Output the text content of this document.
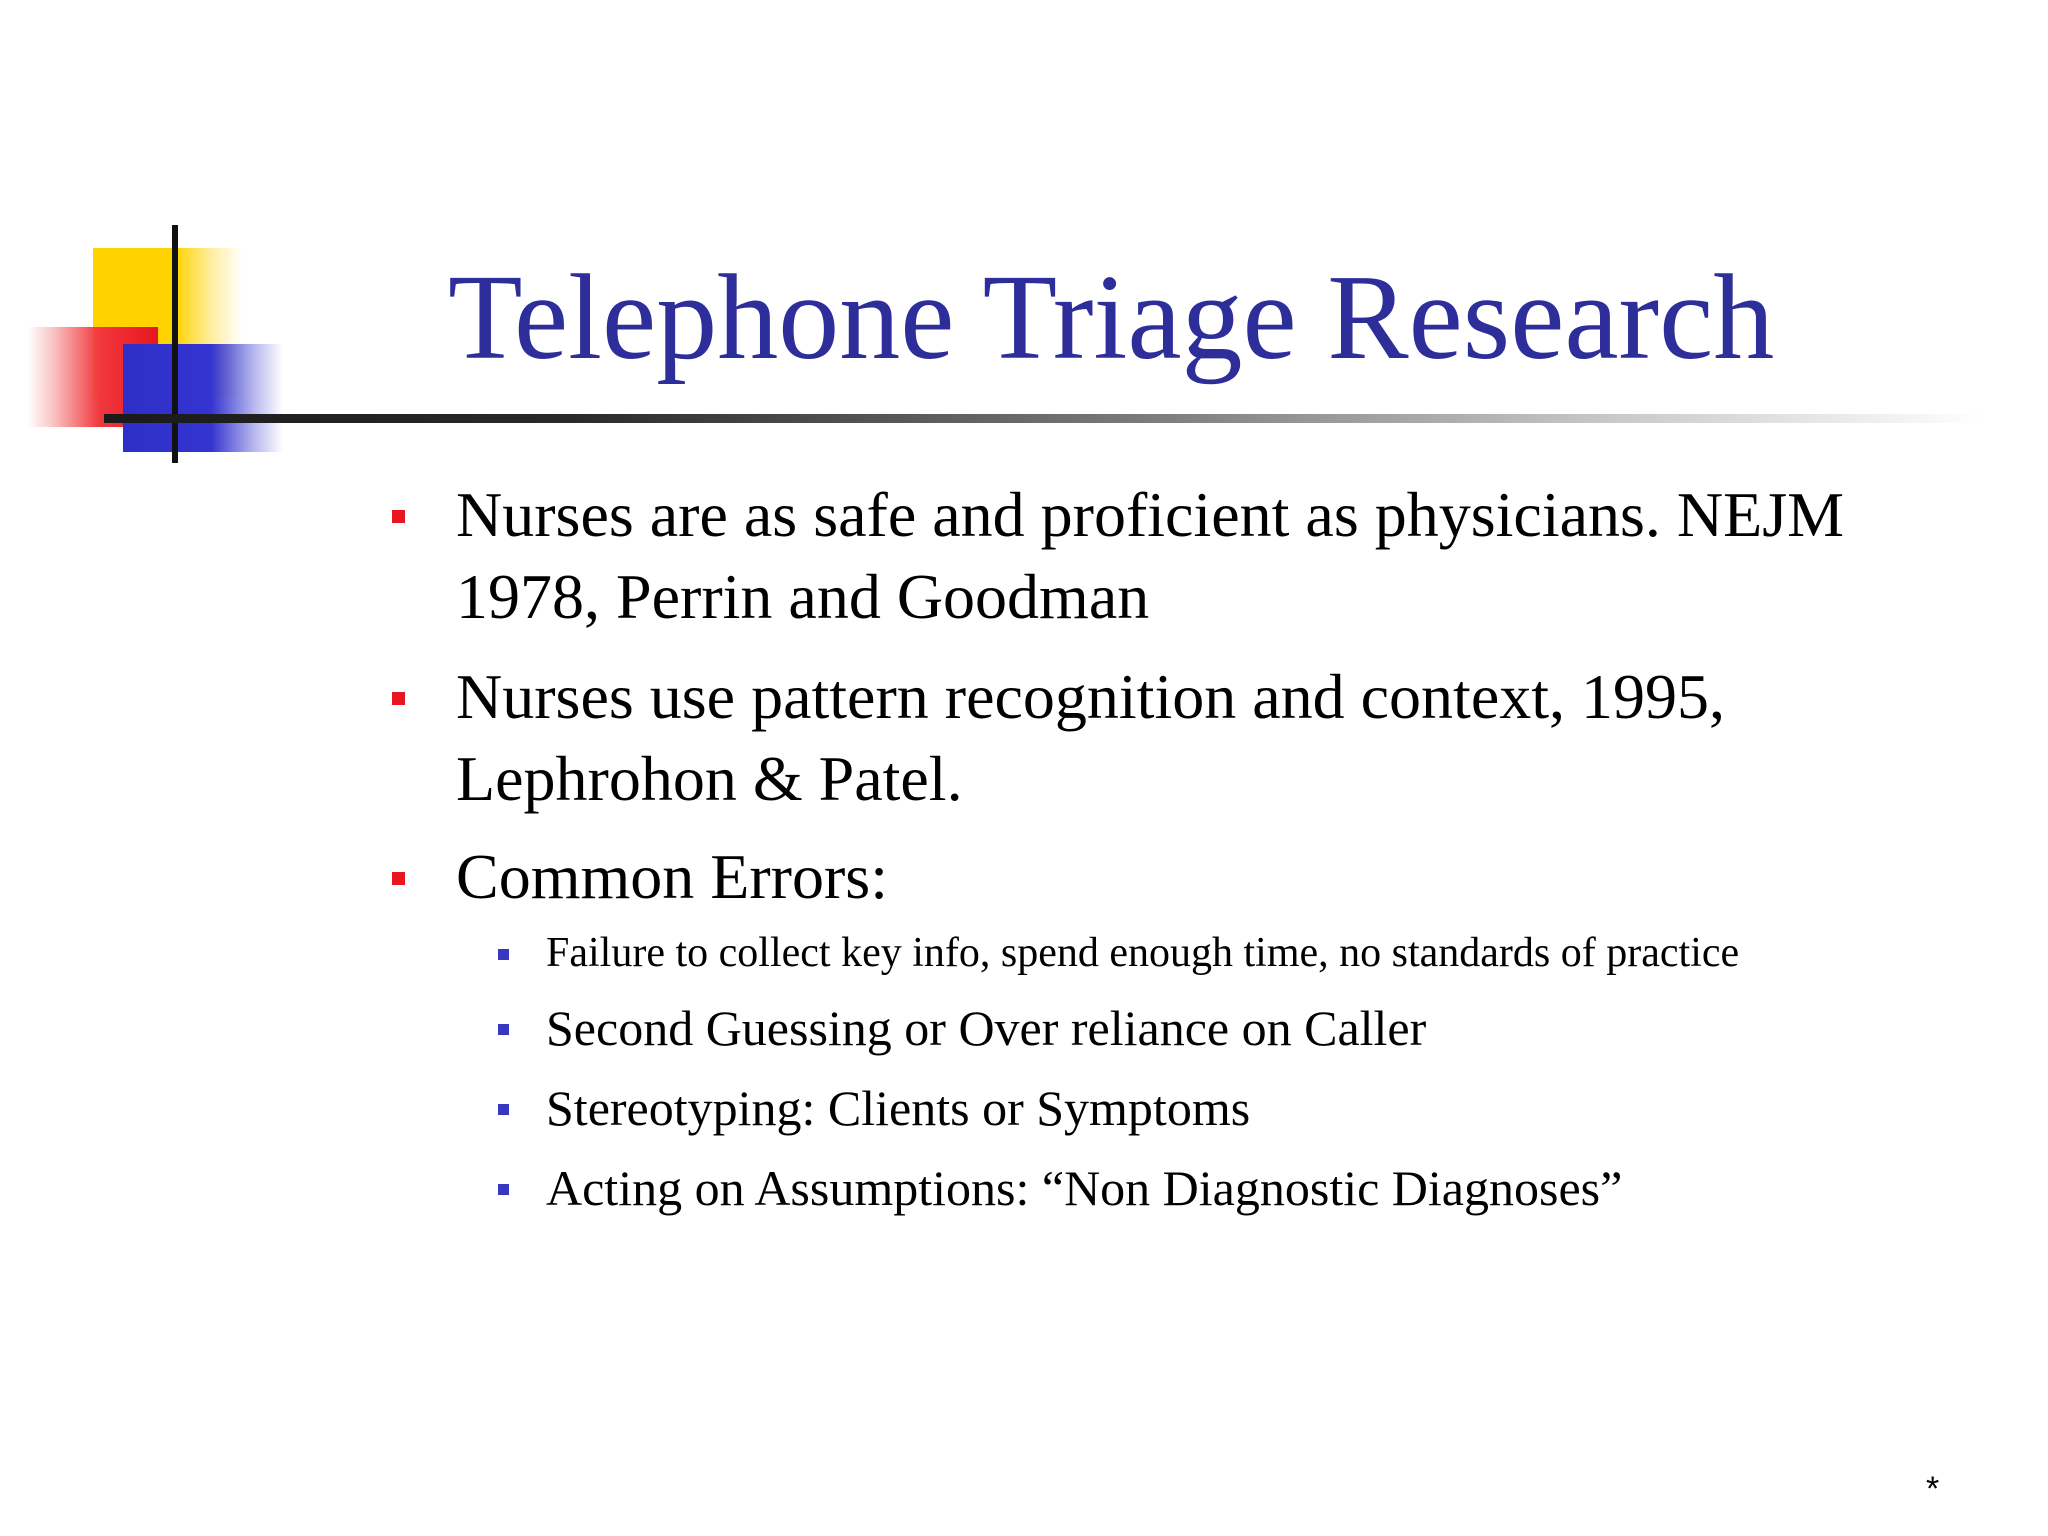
Telephone Triage Research
Nurses are as safe and proficient as physicians. NEJM 1978, Perrin and Goodman
Nurses use pattern recognition and context, 1995, Lephrohon & Patel.
Common Errors:
Failure to collect key info, spend enough time, no standards of practice
Second Guessing or Over reliance on Caller
Stereotyping: Clients or Symptoms
Acting on Assumptions: “Non Diagnostic Diagnoses”
*
